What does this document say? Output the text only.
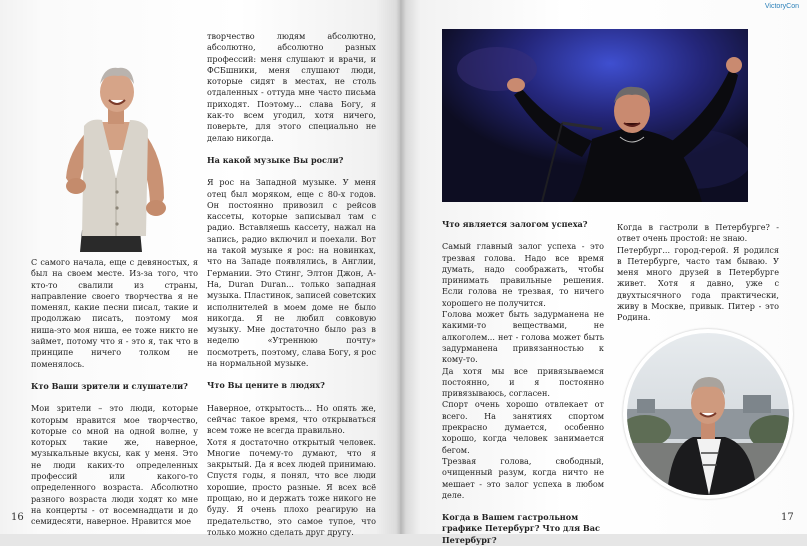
VictoryCon

С самого начала, еще с девяностых, я был на своем месте. Из-за того, что кто-то свалили из страны, направление своего творчества я не поменял, какие песни писал, такие и продолжаю писать, поэтому моя ниша-это моя ниша, ее тоже никто не займет, потому что я - это я, так что в принципе ничего толком не поменялось.

Кто Ваши зрители и слушатели?

Мои зрители – это люди, которые которым нравится мое творчество, которые со мной на одной волне, у которых такие же, наверное, музыкальные вкусы, как у меня. Это не люди каких-то определенных профессий или какого-то определенного возраста. Абсолютно разного возраста люди ходят ко мне на концерты - от восемнадцати и до семидесяти, наверное. Нравится мое

творчество людям абсолютно, абсолютно, абсолютно разных профессий: меня слушают и врачи, и ФСБшники, меня слушают люди, которые сидят в местах, не столь отдаленных - оттуда мне часто письма приходят. Поэтому... слава Богу, я как-то всем угодил, хотя ничего, поверьте, для этого специально не делаю никогда.

На какой музыке Вы росли?

Я рос на Западной музыке. У меня отец был моряком, еще с 80-х годов. Он постоянно привозил с рейсов кассеты, которые записывал там с радио. Вставляешь кассету, нажал на запись, радио включил и поехали. Вот на такой музыке я рос: на новинках, что на Западе появлялись, в Англии, Германии. Это Стинг, Элтон Джон, А-На, Duran Duran... только западная музыка. Пластинок, записей советских исполнителей в моем доме не было никогда. Я не любил совковую музыку. Мне достаточно было раз в неделю «Утреннюю почту» посмотреть, поэтому, слава Богу, я рос на нормальной музыке.

Что Вы цените в людях?

Наверное, открытость... Но опять же, сейчас такое время, что открываться всем тоже не всегда правильно.

Хотя я достаточно открытый человек. Многие почему-то думают, что я закрытый. Да я всех людей принимаю. Спустя годы, я понял, что все люди хорошие, просто разные. Я всех всё прощаю, но и держать тоже никого не буду. Я очень плохо реагирую на предательство, это самое тупое, что только можно сделать друг другу.

Что является залогом успеха?

Самый главный залог успеха - это трезвая голова. Надо все время думать, надо соображать, чтобы принимать правильные решения. Если голова не трезвая, то ничего хорошего не получится.

Голова может быть задурманена не какими-то веществами, не алкоголем... нет - голова может быть задурманена привязанностью к кому-то.

Да хотя мы все привязываемся постоянно, и я постоянно привязываюсь, согласен.

Спорт очень хорошо отвлекает от всего. На занятиях спортом прекрасно думается, особенно хорошо, когда человек занимается бегом.

Трезвая голова, свободный, очищенный разум, когда ничто не мешает - это залог успеха в любом деле.

Когда в Вашем гастрольном графике Петербург? Что для Вас Петербург?

Когда в гастроли в Петербурге? - ответ очень простой: не знаю.

Петербург... город-герой. Я родился в Петербурге, часто там бываю. У меня много друзей в Петербурге живет. Хотя я давно, уже с двухтысячного года практически, живу в Москве, привык. Питер - это Родина.

16	17
